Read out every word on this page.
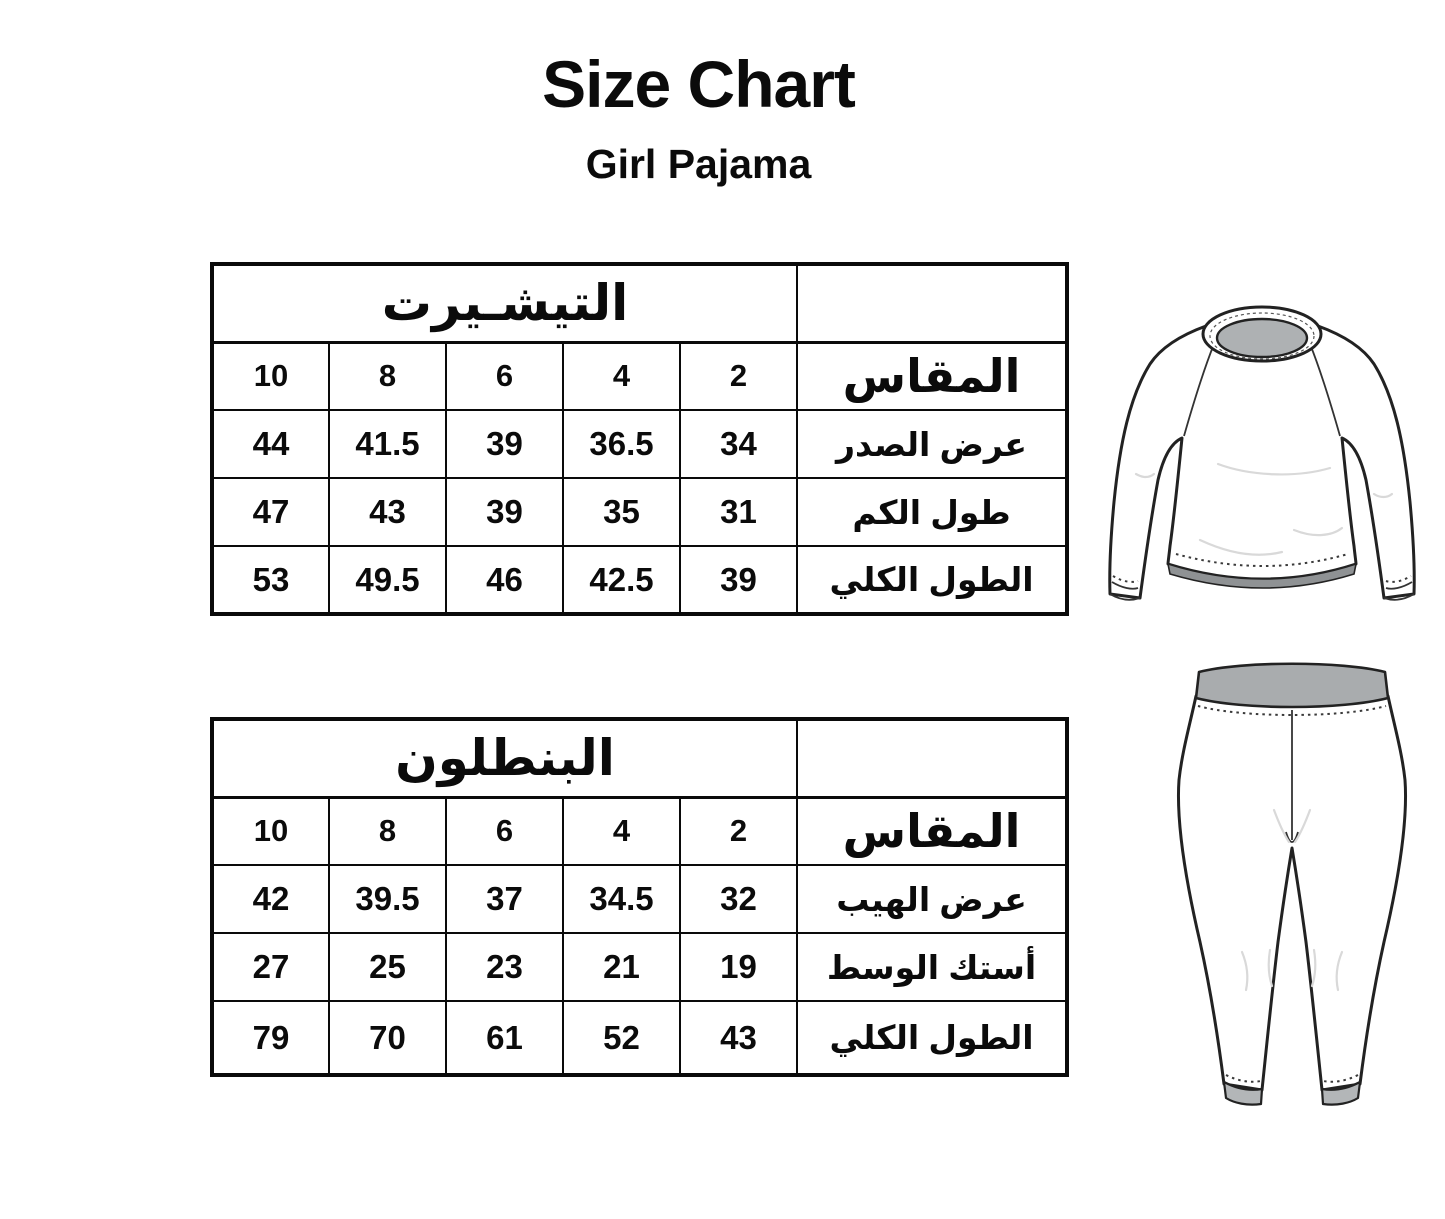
Size Chart
Girl Pajama
التيشـيرت					
10	8	6	4	2	المقاس
44	41.5	39	36.5	34	عرض الصدر
47	43	39	35	31	طول الكم
53	49.5	46	42.5	39	الطول الكلي
البنطلون					
10	8	6	4	2	المقاس
42	39.5	37	34.5	32	عرض الهيب
27	25	23	21	19	أستك الوسط
79	70	61	52	43	الطول الكلي
